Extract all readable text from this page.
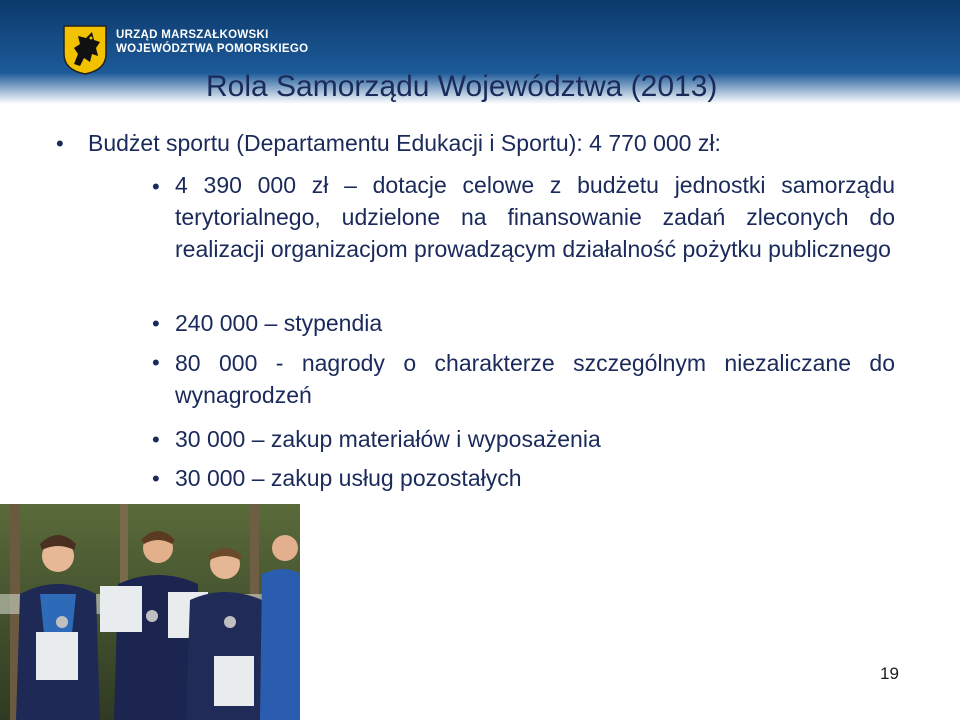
URZĄD MARSZAŁKOWSKI
WOJEWÓDZTWA POMORSKIEGO
Rola Samorządu Województwa (2013)
• Budżet sportu (Departamentu Edukacji i Sportu): 4 770 000 zł:
• 4 390 000 zł – dotacje celowe z budżetu jednostki samorządu terytorialnego, udzielone na finansowanie zadań zleconych do realizacji organizacjom prowadzącym działalność pożytku publicznego
• 240 000 – stypendia
• 80 000 - nagrody o charakterze szczególnym niezaliczane do wynagrodzeń
• 30 000 – zakup materiałów i wyposażenia
• 30 000 – zakup usług pozostałych
19
